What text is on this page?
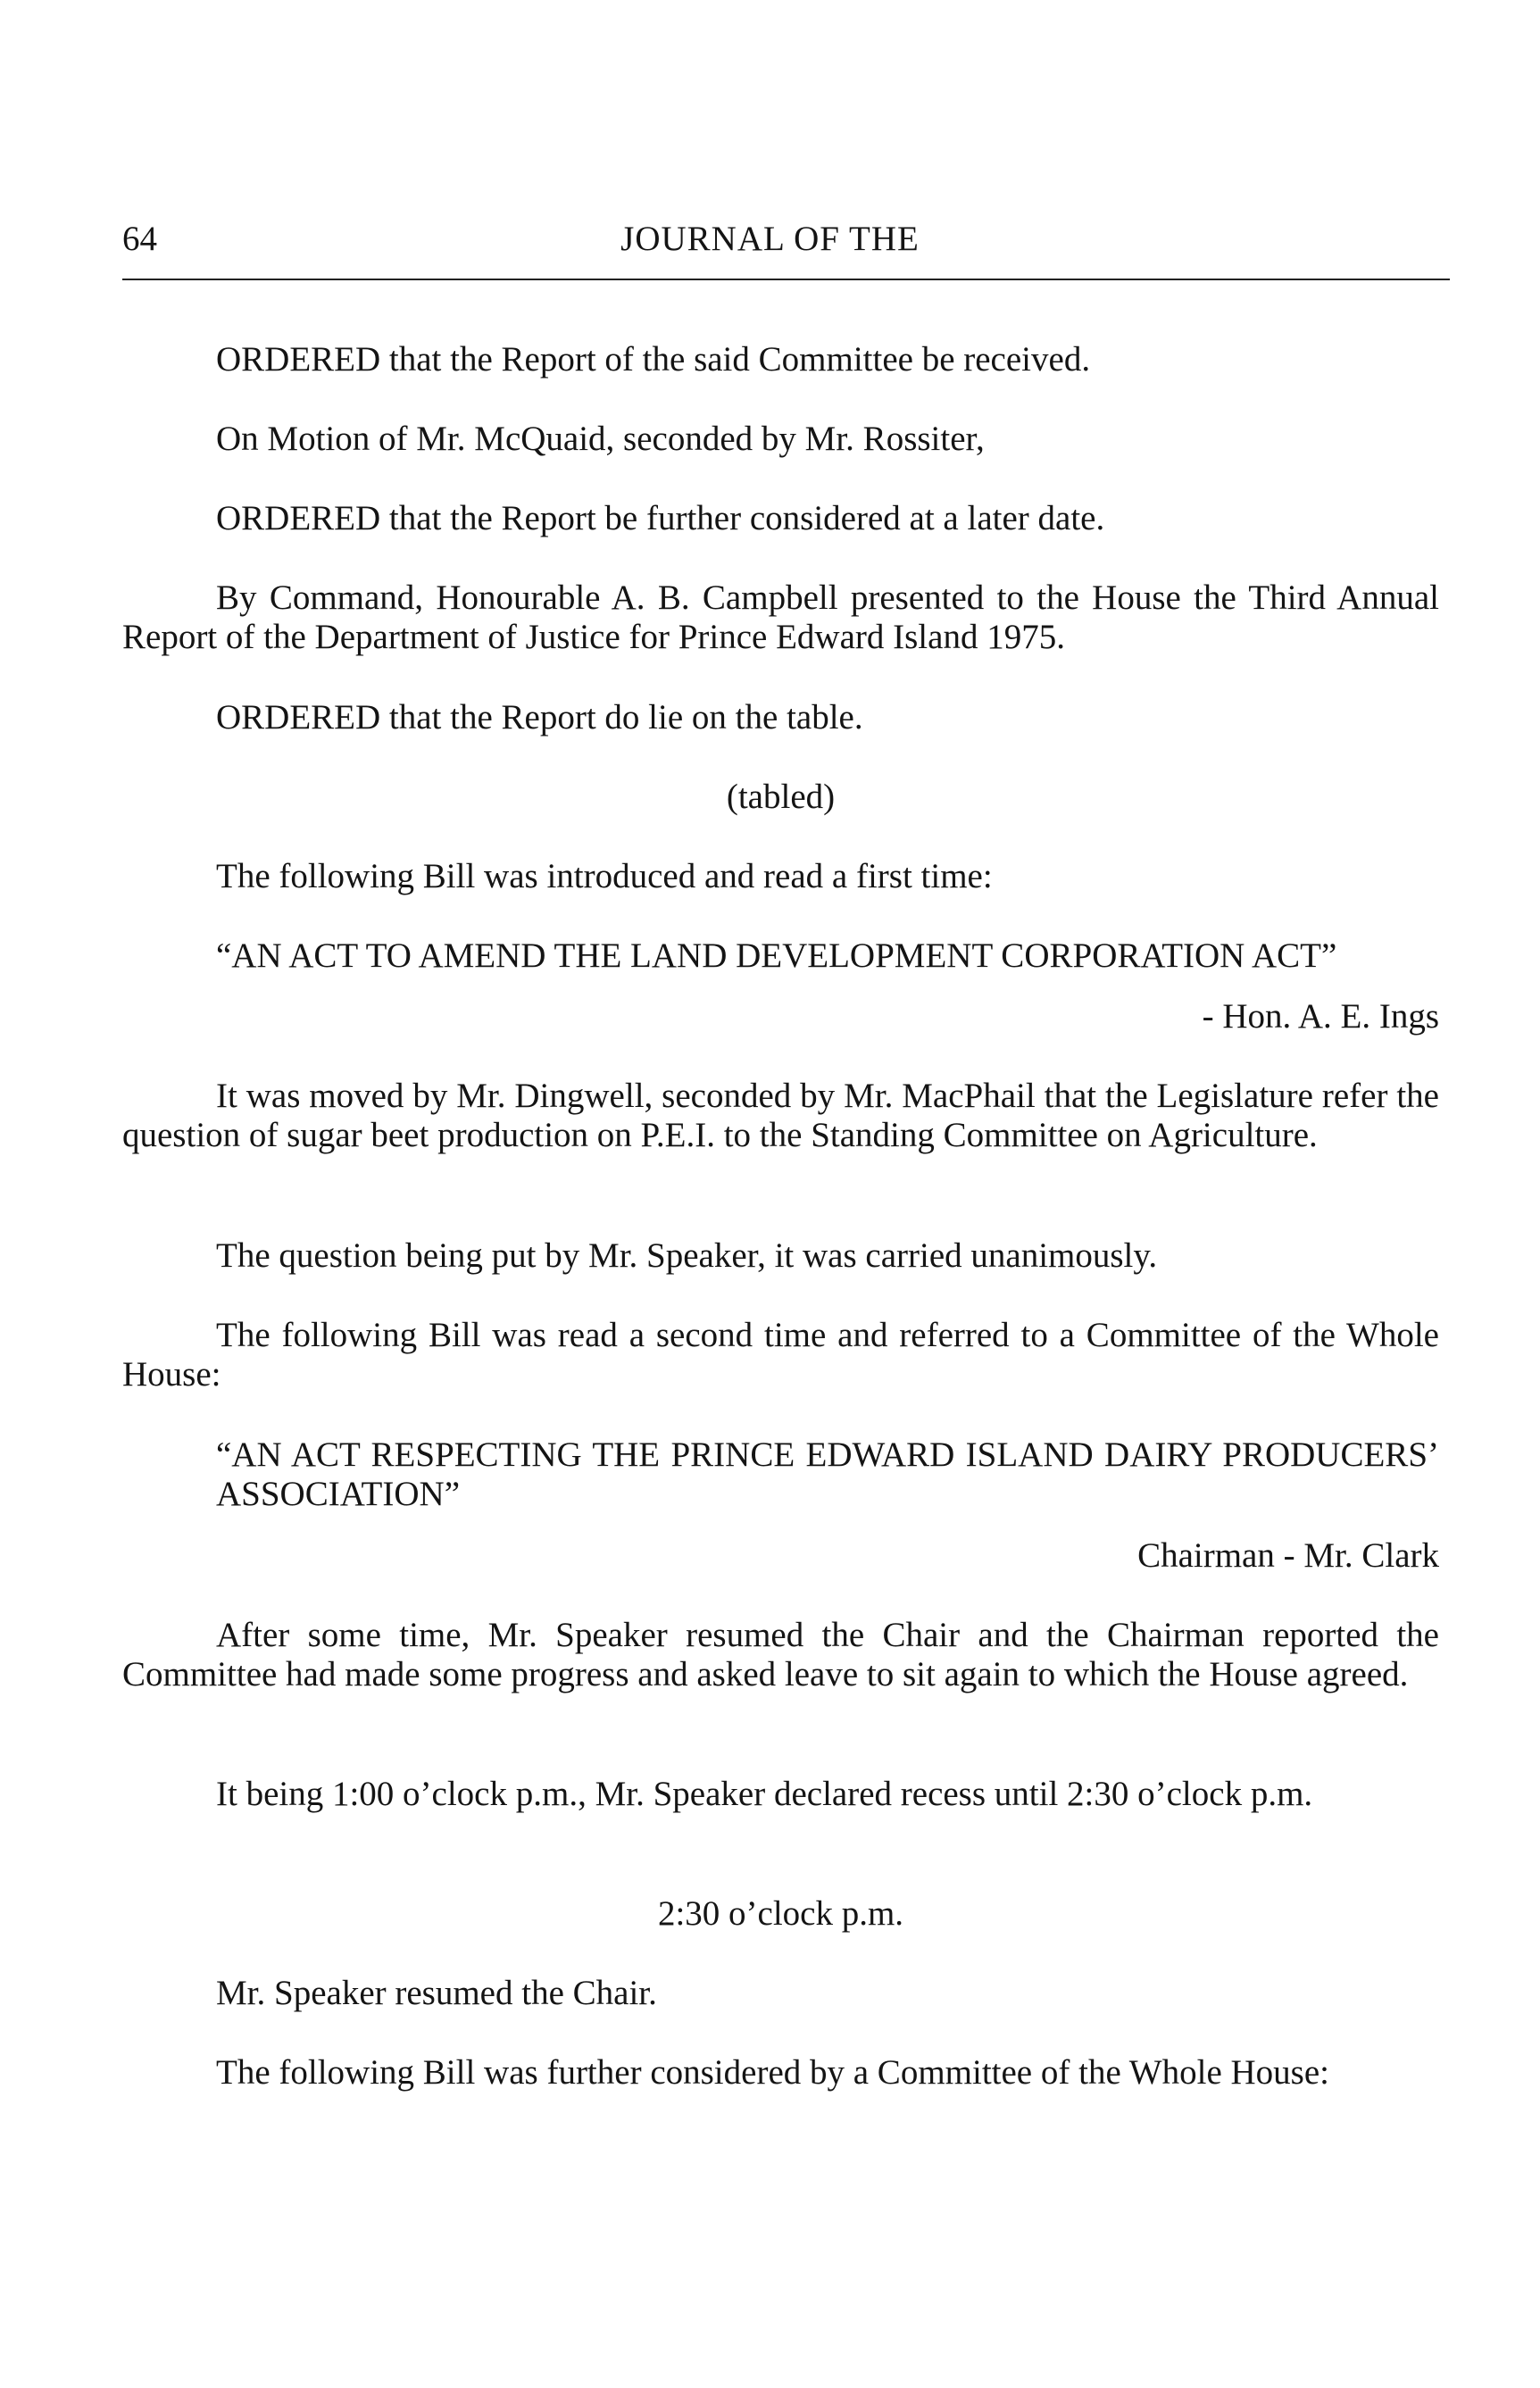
64	JOURNAL OF THE

ORDERED that the Report of the said Committee be received.

On Motion of Mr. McQuaid, seconded by Mr. Rossiter,

ORDERED that the Report be further considered at a later date.

By Command, Honourable A. B. Campbell presented to the House the Third Annual Report of the Department of Justice for Prince Edward Island 1975.

ORDERED that the Report do lie on the table.

(tabled)

The following Bill was introduced and read a first time:

“AN ACT TO AMEND THE LAND DEVELOPMENT CORPORATION ACT”

- Hon. A. E. Ings

It was moved by Mr. Dingwell, seconded by Mr. MacPhail that the Legislature refer the question of sugar beet production on P.E.I. to the Standing Committee on Agriculture.

The question being put by Mr. Speaker, it was carried unanimously.

The following Bill was read a second time and referred to a Committee of the Whole House:

“AN ACT RESPECTING THE PRINCE EDWARD ISLAND DAIRY PRODUCERS’ ASSOCIATION”

Chairman - Mr. Clark

After some time, Mr. Speaker resumed the Chair and the Chairman reported the Committee had made some progress and asked leave to sit again to which the House agreed.

It being 1:00 o’clock p.m., Mr. Speaker declared recess until 2:30 o’clock p.m.

2:30 o’clock p.m.

Mr. Speaker resumed the Chair.

The following Bill was further considered by a Committee of the Whole House:
